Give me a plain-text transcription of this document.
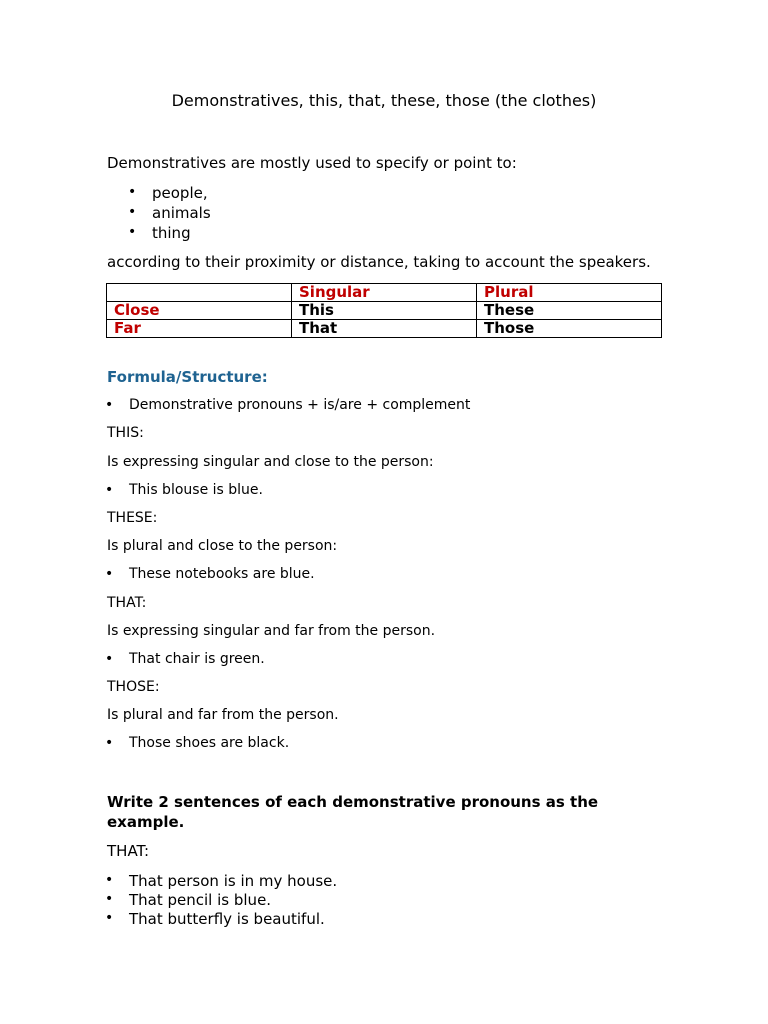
Demonstratives, this, that, these, those (the clothes)
Demonstratives are mostly used to specify or point to:
• people,
• animals
• thing
according to their proximity or distance, taking to account the speakers.
	Singular	Plural
Close	This	These
Far	That	Those
Formula/Structure:
• Demonstrative pronouns + is/are + complement
THIS:
Is expressing singular and close to the person:
• This blouse is blue.
THESE:
Is plural and close to the person:
• These notebooks are blue.
THAT:
Is expressing singular and far from the person.
• That chair is green.
THOSE:
Is plural and far from the person.
• Those shoes are black.
Write 2 sentences of each demonstrative pronouns as the example.
THAT:
• That person is in my house.
• That pencil is blue.
• That butterfly is beautiful.
